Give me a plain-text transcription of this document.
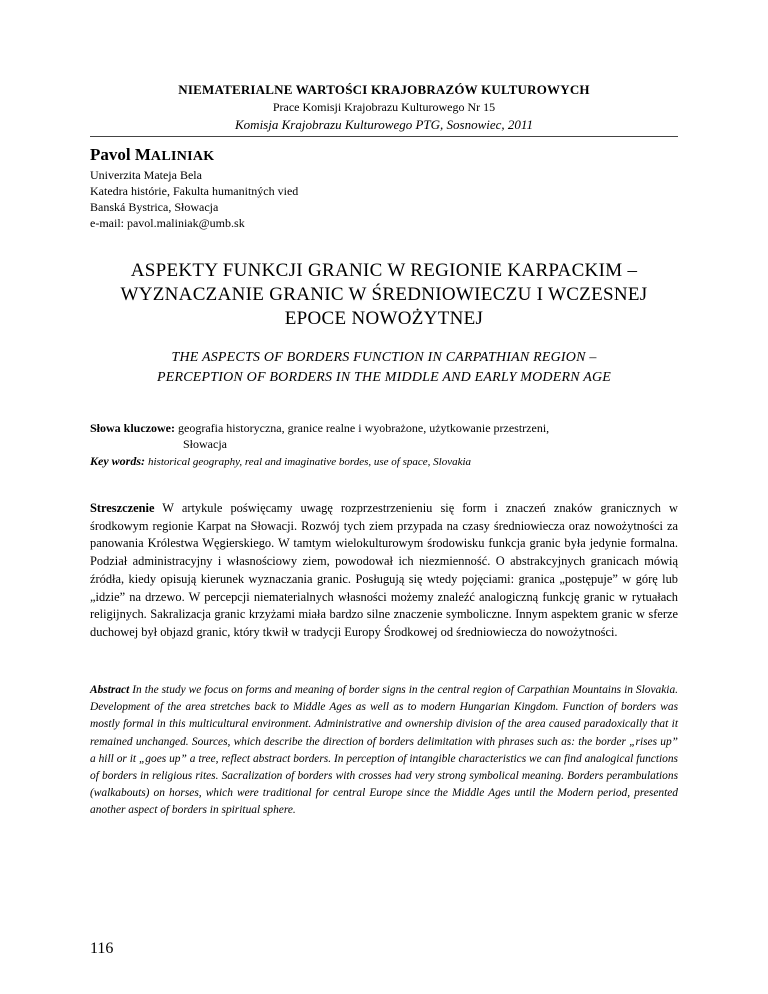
NIEMATERIALNE WARTOŚCI KRAJOBRAZÓW KULTUROWYCH
Prace Komisji Krajobrazu Kulturowego Nr 15
Komisja Krajobrazu Kulturowego PTG, Sosnowiec, 2011
Pavol MALINIAK
Univerzita Mateja Bela
Katedra histórie, Fakulta humanitných vied
Banská Bystrica, Słowacja
e-mail: pavol.maliniak@umb.sk
ASPEKTY FUNKCJI GRANIC W REGIONIE KARPACKIM –
WYZNACZANIE GRANIC W ŚREDNIOWIECZU I WCZESNEJ
EPOCE NOWOŻYTNEJ
THE ASPECTS OF BORDERS FUNCTION IN CARPATHIAN REGION –
PERCEPTION OF BORDERS IN THE MIDDLE AND EARLY MODERN AGE
Słowa kluczowe: geografia historyczna, granice realne i wyobrażone, użytkowanie przestrzeni,
Słowacja
Key words: historical geography, real and imaginative bordes, use of space, Slovakia
Streszczenie W artykule poświęcamy uwagę rozprzestrzenieniu się form i znaczeń znaków granicznych w środkowym regionie Karpat na Słowacji. Rozwój tych ziem przypada na czasy średniowiecza oraz nowożytności za panowania Królestwa Węgierskiego. W tamtym wielokulturowym środowisku funkcja granic była jedynie formalna. Podział administracyjny i własnościowy ziem, powodował ich niezmienność. O abstrakcyjnych granicach mówią źródła, kiedy opisują kierunek wyznaczania granic. Posługują się wtedy pojęciami: granica „postępuje” w górę lub „idzie” na drzewo. W percepcji niematerialnych własności możemy znaleźć analogiczną funkcję granic w rytuałach religijnych. Sakralizacja granic krzyżami miała bardzo silne znaczenie symboliczne. Innym aspektem granic w sferze duchowej był objazd granic, który tkwił w tradycji Europy Środkowej od średniowiecza do nowożytności.
Abstract In the study we focus on forms and meaning of border signs in the central region of Carpathian Mountains in Slovakia. Development of the area stretches back to Middle Ages as well as to modern Hungarian Kingdom. Function of borders was mostly formal in this multicultural environment. Administrative and ownership division of the area caused paradoxically that it remained unchanged. Sources, which describe the direction of borders delimitation with phrases such as: the border „rises up” a hill or it „goes up” a tree, reflect abstract borders. In perception of intangible characteristics we can find analogical functions of borders in religious rites. Sacralization of borders with crosses had very strong symbolical meaning. Borders perambulations (walkabouts) on horses, which were traditional for central Europe since the Middle Ages until the Modern period, presented another aspect of borders in spiritual sphere.
116
